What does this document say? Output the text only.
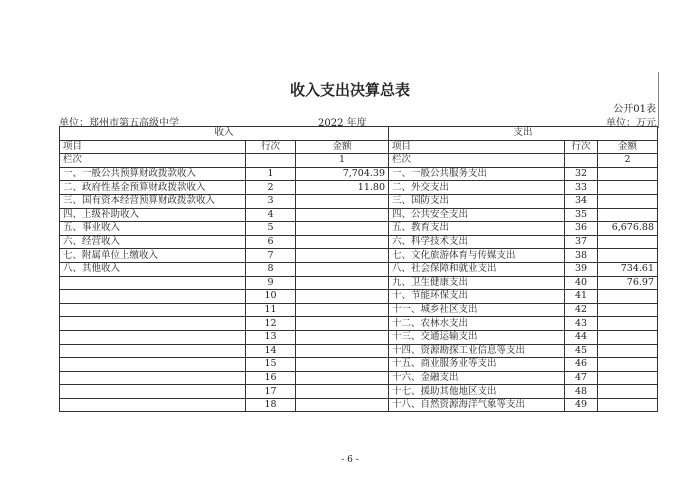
收入支出决算总表
公开01表
单位：郑州市第五高级中学	2022 年度	单位：万元
收入			支出		
项目	行次	金额	项目	行次	金额
栏次		1	栏次		2
一、一般公共预算财政拨款收入	1	7,704.39	一、一般公共服务支出	32	
二、政府性基金预算财政拨款收入	2	11.80	二、外交支出	33	
三、国有资本经营预算财政拨款收入	3		三、国防支出	34	
四、上级补助收入	4		四、公共安全支出	35	
五、事业收入	5		五、教育支出	36	6,676.88
六、经营收入	6		六、科学技术支出	37	
七、附属单位上缴收入	7		七、文化旅游体育与传媒支出	38	
八、其他收入	8		八、社会保障和就业支出	39	734.61
	9		九、卫生健康支出	40	76.97
	10		十、节能环保支出	41	
	11		十一、城乡社区支出	42	
	12		十二、农林水支出	43	
	13		十三、交通运输支出	44	
	14		十四、资源勘探工业信息等支出	45	
	15		十五、商业服务业等支出	46	
	16		十六、金融支出	47	
	17		十七、援助其他地区支出	48	
	18		十八、自然资源海洋气象等支出	49	
- 6 -
